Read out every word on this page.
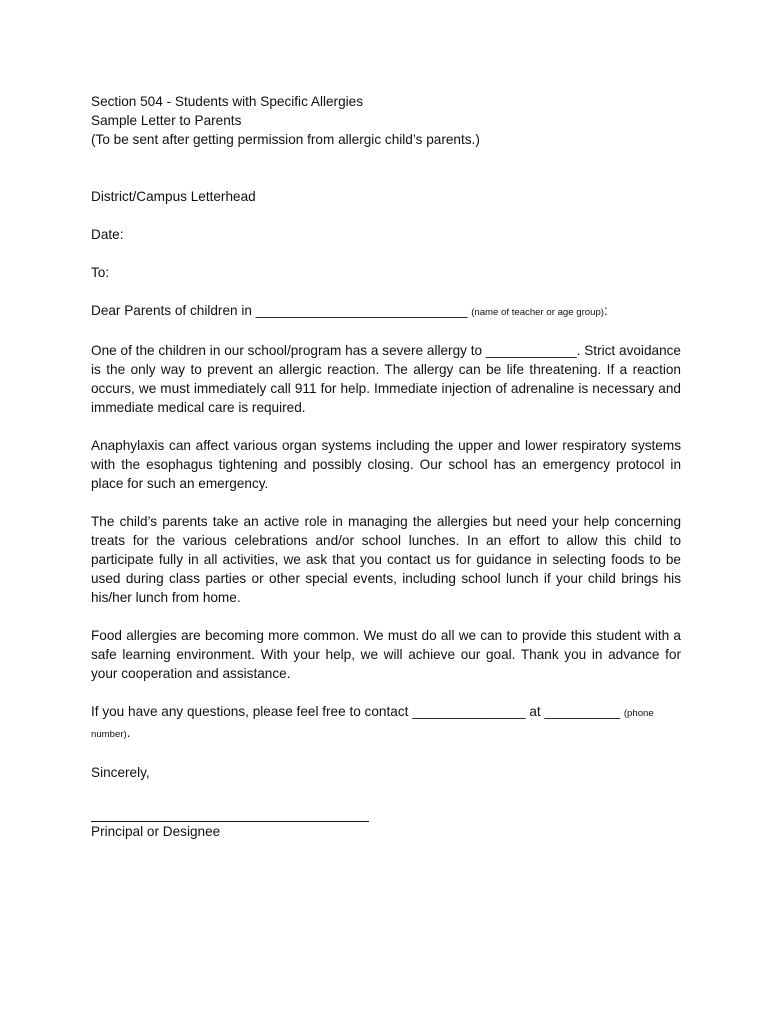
Section 504 - Students with Specific Allergies
Sample Letter to Parents
(To be sent after getting permission from allergic child’s parents.)
District/Campus Letterhead
Date:
To:
Dear Parents of children in ____________________________ (name of teacher or age group):

One of the children in our school/program has a severe allergy to ____________. Strict avoidance is the only way to prevent an allergic reaction. The allergy can be life threatening. If a reaction occurs, we must immediately call 911 for help. Immediate injection of adrenaline is necessary and immediate medical care is required.

Anaphylaxis can affect various organ systems including the upper and lower respiratory systems with the esophagus tightening and possibly closing. Our school has an emergency protocol in place for such an emergency.

The child’s parents take an active role in managing the allergies but need your help concerning treats for the various celebrations and/or school lunches. In an effort to allow this child to participate fully in all activities, we ask that you contact us for guidance in selecting foods to be used during class parties or other special events, including school lunch if your child brings his his/her lunch from home.

Food allergies are becoming more common. We must do all we can to provide this student with a safe learning environment. With your help, we will achieve our goal. Thank you in advance for your cooperation and assistance.

If you have any questions, please feel free to contact _______________ at __________ (phone
number).

Sincerely,
Principal or Designee
